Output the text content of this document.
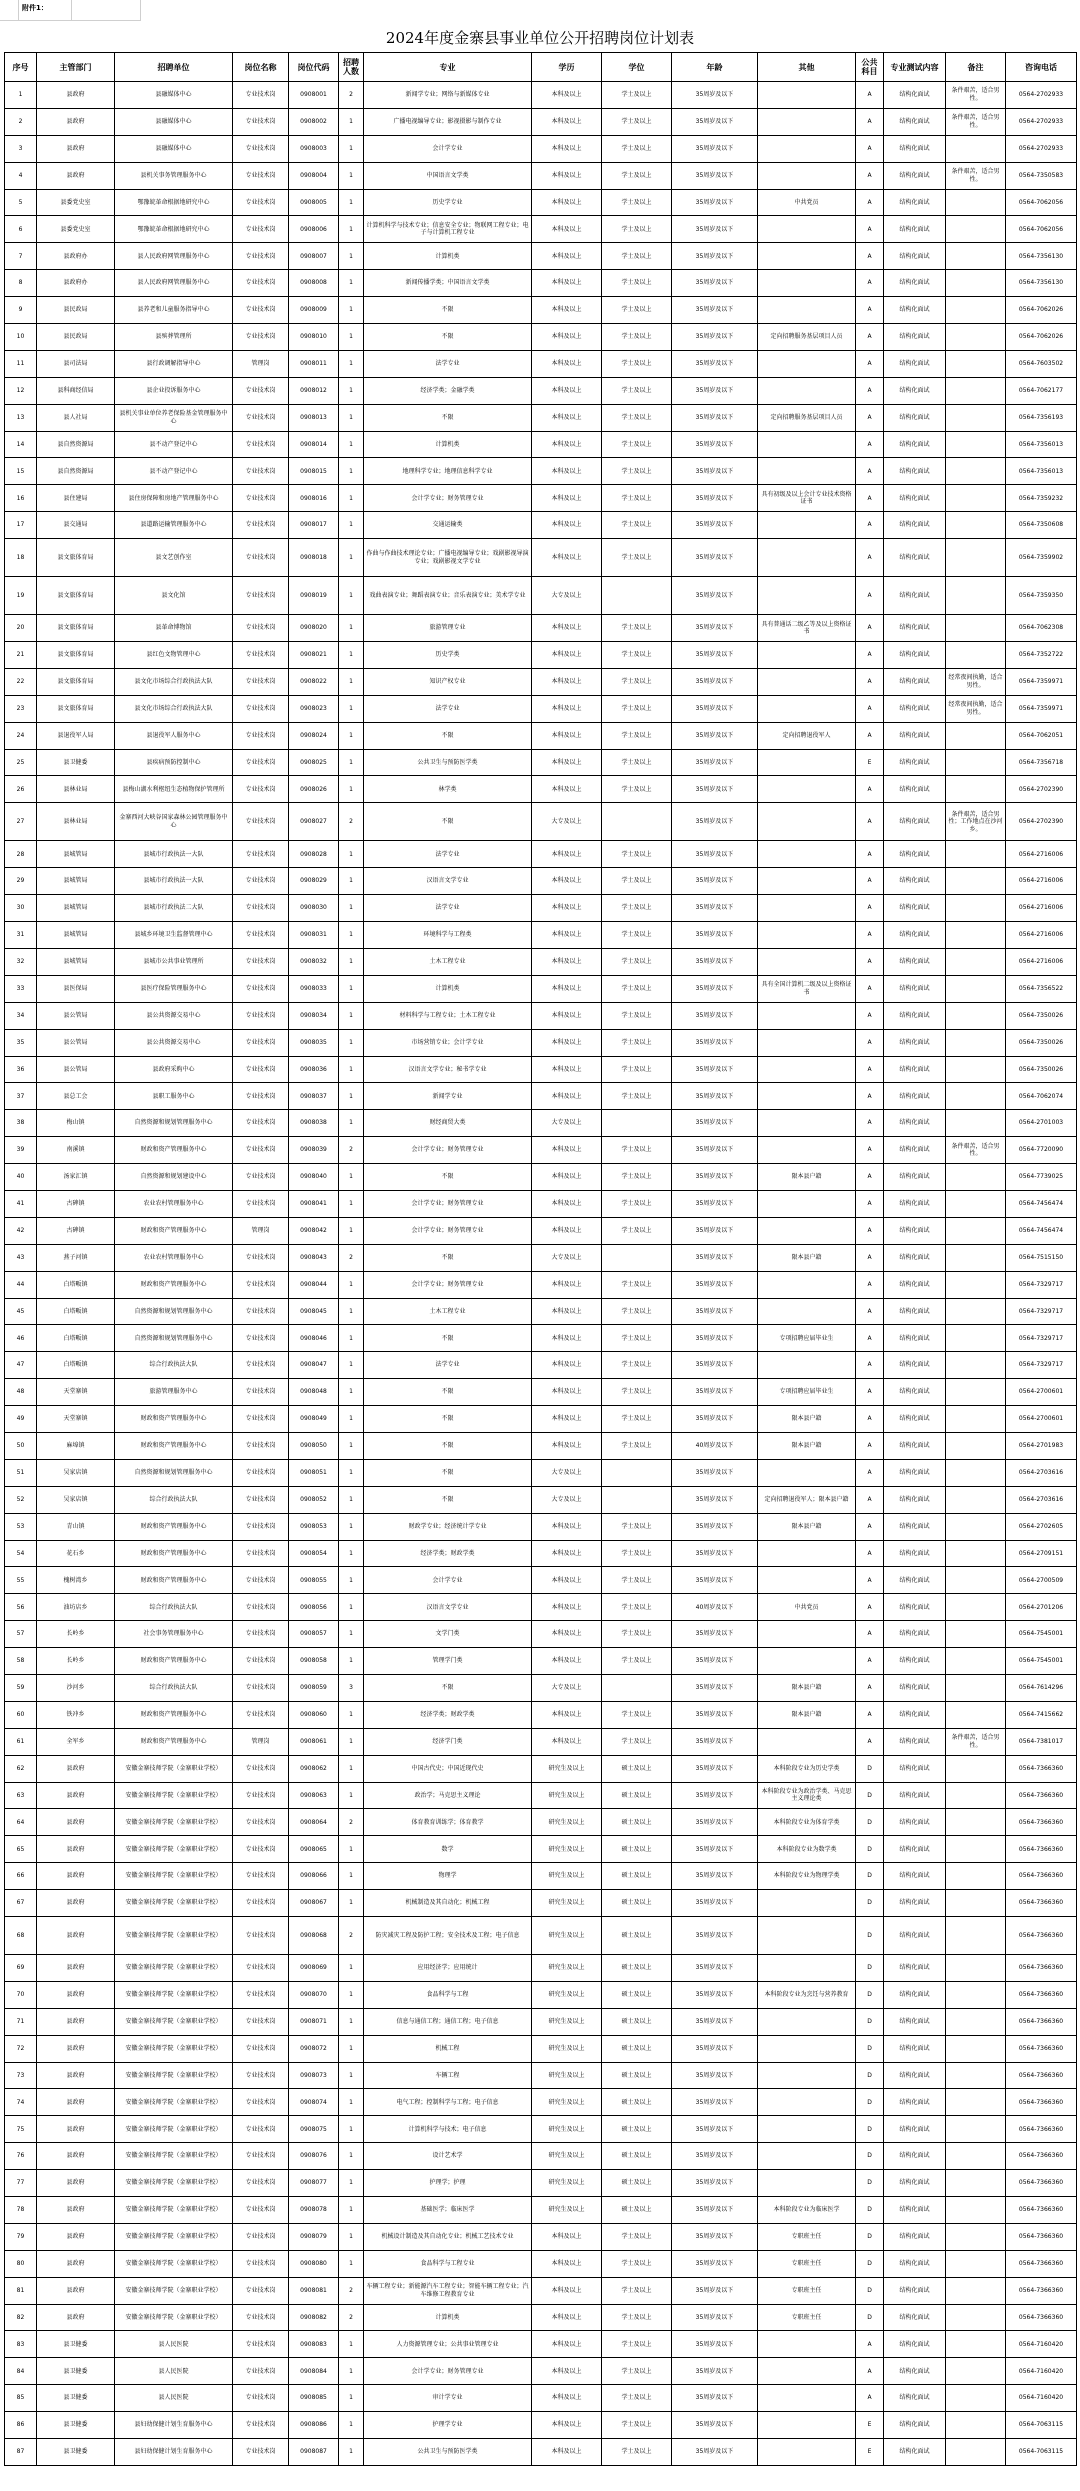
附件1：
2024年度金寨县事业单位公开招聘岗位计划表
序号	主管部门	招聘单位	岗位名称	岗位代码	招聘人数	专业	学历	学位	年龄	其他	公共科目	专业测试内容	备注	咨询电话
1	县政府	县融媒体中心	专业技术岗	0908001	2	新闻学专业；网络与新媒体专业	本科及以上	学士及以上	35周岁及以下		A	结构化面试	条件艰苦，适合男性。	0564-2702933
2	县政府	县融媒体中心	专业技术岗	0908002	1	广播电视编导专业；影视摄影与制作专业	本科及以上	学士及以上	35周岁及以下		A	结构化面试	条件艰苦，适合男性。	0564-2702933
3	县政府	县融媒体中心	专业技术岗	0908003	1	会计学专业	本科及以上	学士及以上	35周岁及以下		A	结构化面试		0564-2702933
4	县政府	县机关事务管理服务中心	专业技术岗	0908004	1	中国语言文学类	本科及以上	学士及以上	35周岁及以下		A	结构化面试	条件艰苦，适合男性。	0564-7350583
5	县委党史室	鄂豫皖革命根据地研究中心	专业技术岗	0908005	1	历史学专业	本科及以上	学士及以上	35周岁及以下	中共党员	A	结构化面试		0564-7062056
6	县委党史室	鄂豫皖革命根据地研究中心	专业技术岗	0908006	1	计算机科学与技术专业；信息安全专业；物联网工程专业；电子与计算机工程专业	本科及以上	学士及以上	35周岁及以下		A	结构化面试		0564-7062056
7	县政府办	县人民政府网管理服务中心	专业技术岗	0908007	1	计算机类	本科及以上	学士及以上	35周岁及以下		A	结构化面试		0564-7356130
8	县政府办	县人民政府网管理服务中心	专业技术岗	0908008	1	新闻传播学类；中国语言文学类	本科及以上	学士及以上	35周岁及以下		A	结构化面试		0564-7356130
9	县民政局	县养老和儿童服务指导中心	专业技术岗	0908009	1	不限	本科及以上	学士及以上	35周岁及以下		A	结构化面试		0564-7062026
10	县民政局	县殡葬管理所	专业技术岗	0908010	1	不限	本科及以上	学士及以上	35周岁及以下	定向招聘服务基层项目人员	A	结构化面试		0564-7062026
11	县司法局	县行政调解指导中心	管理岗	0908011	1	法学专业	本科及以上	学士及以上	35周岁及以下		A	结构化面试		0564-7603502
12	县科商经信局	县企业投诉服务中心	专业技术岗	0908012	1	经济学类；金融学类	本科及以上	学士及以上	35周岁及以下		A	结构化面试		0564-7062177
13	县人社局	县机关事业单位养老保险基金管理服务中心	专业技术岗	0908013	1	不限	本科及以上	学士及以上	35周岁及以下	定向招聘服务基层项目人员	A	结构化面试		0564-7356193
14	县自然资源局	县不动产登记中心	专业技术岗	0908014	1	计算机类	本科及以上	学士及以上	35周岁及以下		A	结构化面试		0564-7356013
15	县自然资源局	县不动产登记中心	专业技术岗	0908015	1	地理科学专业；地理信息科学专业	本科及以上	学士及以上	35周岁及以下		A	结构化面试		0564-7356013
16	县住建局	县住房保障和房地产管理服务中心	专业技术岗	0908016	1	会计学专业；财务管理专业	本科及以上	学士及以上	35周岁及以下	具有初级及以上会计专业技术资格证书	A	结构化面试		0564-7359232
17	县交通局	县道路运输管理服务中心	专业技术岗	0908017	1	交通运输类	本科及以上	学士及以上	35周岁及以下		A	结构化面试		0564-7350608
18	县文旅体育局	县文艺创作室	专业技术岗	0908018	1	作曲与作曲技术理论专业；广播电视编导专业；戏剧影视导演专业；戏剧影视文学专业	本科及以上	学士及以上	35周岁及以下		A	结构化面试		0564-7359902
19	县文旅体育局	县文化馆	专业技术岗	0908019	1	戏曲表演专业；舞蹈表演专业；音乐表演专业；美术学专业	大专及以上		35周岁及以下		A	结构化面试		0564-7359350
20	县文旅体育局	县革命博物馆	专业技术岗	0908020	1	旅游管理专业	本科及以上	学士及以上	35周岁及以下	具有普通话二级乙等及以上资格证书	A	结构化面试		0564-7062308
21	县文旅体育局	县红色文物管理中心	专业技术岗	0908021	1	历史学类	本科及以上	学士及以上	35周岁及以下		A	结构化面试		0564-7352722
22	县文旅体育局	县文化市场综合行政执法大队	专业技术岗	0908022	1	知识产权专业	本科及以上	学士及以上	35周岁及以下		A	结构化面试	经常夜间执勤，适合男性。	0564-7359971
23	县文旅体育局	县文化市场综合行政执法大队	专业技术岗	0908023	1	法学专业	本科及以上	学士及以上	35周岁及以下		A	结构化面试	经常夜间执勤，适合男性。	0564-7359971
24	县退役军人局	县退役军人服务中心	专业技术岗	0908024	1	不限	本科及以上	学士及以上	35周岁及以下	定向招聘退役军人	A	结构化面试		0564-7062051
25	县卫健委	县疾病预防控制中心	专业技术岗	0908025	1	公共卫生与预防医学类	本科及以上	学士及以上	35周岁及以下		E	结构化面试		0564-7356718
26	县林业局	县梅山湖水利枢纽生态植物保护管理所	专业技术岗	0908026	1	林学类	本科及以上	学士及以上	35周岁及以下		A	结构化面试		0564-2702390
27	县林业局	金寨西河大峡谷国家森林公园管理服务中心	专业技术岗	0908027	2	不限	大专及以上		35周岁及以下		A	结构化面试	条件艰苦，适合男性；工作地点在沙河乡。	0564-2702390
28	县城管局	县城市行政执法一大队	专业技术岗	0908028	1	法学专业	本科及以上	学士及以上	35周岁及以下		A	结构化面试		0564-2716006
29	县城管局	县城市行政执法一大队	专业技术岗	0908029	1	汉语言文学专业	本科及以上	学士及以上	35周岁及以下		A	结构化面试		0564-2716006
30	县城管局	县城市行政执法二大队	专业技术岗	0908030	1	法学专业	本科及以上	学士及以上	35周岁及以下		A	结构化面试		0564-2716006
31	县城管局	县城乡环境卫生监督管理中心	专业技术岗	0908031	1	环境科学与工程类	本科及以上	学士及以上	35周岁及以下		A	结构化面试		0564-2716006
32	县城管局	县城市公共事业管理所	专业技术岗	0908032	1	土木工程专业	本科及以上	学士及以上	35周岁及以下		A	结构化面试		0564-2716006
33	县医保局	县医疗保险管理服务中心	专业技术岗	0908033	1	计算机类	本科及以上	学士及以上	35周岁及以下	具有全国计算机二级及以上资格证书	A	结构化面试		0564-7356522
34	县公管局	县公共资源交易中心	专业技术岗	0908034	1	材料科学与工程专业；土木工程专业	本科及以上	学士及以上	35周岁及以下		A	结构化面试		0564-7350026
35	县公管局	县公共资源交易中心	专业技术岗	0908035	1	市场营销专业；会计学专业	本科及以上	学士及以上	35周岁及以下		A	结构化面试		0564-7350026
36	县公管局	县政府采购中心	专业技术岗	0908036	1	汉语言文学专业；秘书学专业	本科及以上	学士及以上	35周岁及以下		A	结构化面试		0564-7350026
37	县总工会	县职工服务中心	专业技术岗	0908037	1	新闻学专业	本科及以上	学士及以上	35周岁及以下		A	结构化面试		0564-7062074
38	梅山镇	自然资源和规划管理服务中心	专业技术岗	0908038	1	财经商贸大类	大专及以上		35周岁及以下		A	结构化面试		0564-2701003
39	南溪镇	财政和资产管理服务中心	专业技术岗	0908039	2	会计学专业；财务管理专业	本科及以上	学士及以上	35周岁及以下		A	结构化面试	条件艰苦，适合男性。	0564-7720090
40	汤家汇镇	自然资源和规划建设中心	专业技术岗	0908040	1	不限	本科及以上	学士及以上	35周岁及以下	限本县户籍	A	结构化面试		0564-7739025
41	古碑镇	农业农村管理服务中心	专业技术岗	0908041	1	会计学专业；财务管理专业	本科及以上	学士及以上	35周岁及以下		A	结构化面试		0564-7456474
42	古碑镇	财政和资产管理服务中心	管理岗	0908042	1	会计学专业；财务管理专业	本科及以上	学士及以上	35周岁及以下		A	结构化面试		0564-7456474
43	燕子河镇	农业农村管理服务中心	专业技术岗	0908043	2	不限	大专及以上		35周岁及以下	限本县户籍	A	结构化面试		0564-7515150
44	白塔畈镇	财政和资产管理服务中心	专业技术岗	0908044	1	会计学专业；财务管理专业	本科及以上	学士及以上	35周岁及以下		A	结构化面试		0564-7329717
45	白塔畈镇	自然资源和规划管理服务中心	专业技术岗	0908045	1	土木工程专业	本科及以上	学士及以上	35周岁及以下		A	结构化面试		0564-7329717
46	白塔畈镇	自然资源和规划管理服务中心	专业技术岗	0908046	1	不限	本科及以上	学士及以上	35周岁及以下	专项招聘应届毕业生	A	结构化面试		0564-7329717
47	白塔畈镇	综合行政执法大队	专业技术岗	0908047	1	法学专业	本科及以上	学士及以上	35周岁及以下		A	结构化面试		0564-7329717
48	天堂寨镇	旅游管理服务中心	专业技术岗	0908048	1	不限	本科及以上	学士及以上	35周岁及以下	专项招聘应届毕业生	A	结构化面试		0564-2700601
49	天堂寨镇	财政和资产管理服务中心	专业技术岗	0908049	1	不限	本科及以上	学士及以上	35周岁及以下	限本县户籍	A	结构化面试		0564-2700601
50	麻埠镇	财政和资产管理服务中心	专业技术岗	0908050	1	不限	本科及以上	学士及以上	40周岁及以下	限本县户籍	A	结构化面试		0564-2701983
51	吴家店镇	自然资源和规划管理服务中心	专业技术岗	0908051	1	不限	大专及以上		35周岁及以下		A	结构化面试		0564-2703616
52	吴家店镇	综合行政执法大队	专业技术岗	0908052	1	不限	大专及以上		35周岁及以下	定向招聘退役军人；限本县户籍	A	结构化面试		0564-2703616
53	青山镇	财政和资产管理服务中心	专业技术岗	0908053	1	财政学专业；经济统计学专业	本科及以上	学士及以上	35周岁及以下	限本县户籍	A	结构化面试		0564-2702605
54	花石乡	财政和资产管理服务中心	专业技术岗	0908054	1	经济学类；财政学类	本科及以上	学士及以上	35周岁及以下		A	结构化面试		0564-2709151
55	槐树湾乡	财政和资产管理服务中心	专业技术岗	0908055	1	会计学专业	本科及以上	学士及以上	35周岁及以下		A	结构化面试		0564-2700509
56	油坊店乡	综合行政执法大队	专业技术岗	0908056	1	汉语言文学专业	本科及以上	学士及以上	40周岁及以下	中共党员	A	结构化面试		0564-2701206
57	长岭乡	社会事务管理服务中心	专业技术岗	0908057	1	文学门类	本科及以上	学士及以上	35周岁及以下		A	结构化面试		0564-7545001
58	长岭乡	财政和资产管理服务中心	专业技术岗	0908058	1	管理学门类	本科及以上	学士及以上	35周岁及以下		A	结构化面试		0564-7545001
59	沙河乡	综合行政执法大队	专业技术岗	0908059	3	不限	大专及以上		35周岁及以下	限本县户籍	A	结构化面试		0564-7614296
60	铁冲乡	财政和资产管理服务中心	专业技术岗	0908060	1	经济学类；财政学类	本科及以上	学士及以上	35周岁及以下	限本县户籍	A	结构化面试		0564-7415662
61	全军乡	财政和资产管理服务中心	管理岗	0908061	1	经济学门类	本科及以上	学士及以上	35周岁及以下		A	结构化面试	条件艰苦，适合男性。	0564-7381017
62	县政府	安徽金寨技师学院（金寨职业学校）	专业技术岗	0908062	1	中国古代史；中国近现代史	研究生及以上	硕士及以上	35周岁及以下	本科阶段专业为历史学类	D	结构化面试		0564-7366360
63	县政府	安徽金寨技师学院（金寨职业学校）	专业技术岗	0908063	1	政治学；马克思主义理论	研究生及以上	硕士及以上	35周岁及以下	本科阶段专业为政治学类、马克思主义理论类	D	结构化面试		0564-7366360
64	县政府	安徽金寨技师学院（金寨职业学校）	专业技术岗	0908064	2	体育教育训练学；体育教学	研究生及以上	硕士及以上	35周岁及以下	本科阶段专业为体育学类	D	结构化面试		0564-7366360
65	县政府	安徽金寨技师学院（金寨职业学校）	专业技术岗	0908065	1	数学	研究生及以上	硕士及以上	35周岁及以下	本科阶段专业为数学类	D	结构化面试		0564-7366360
66	县政府	安徽金寨技师学院（金寨职业学校）	专业技术岗	0908066	1	物理学	研究生及以上	硕士及以上	35周岁及以下	本科阶段专业为物理学类	D	结构化面试		0564-7366360
67	县政府	安徽金寨技师学院（金寨职业学校）	专业技术岗	0908067	1	机械制造及其自动化；机械工程	研究生及以上	硕士及以上	35周岁及以下		D	结构化面试		0564-7366360
68	县政府	安徽金寨技师学院（金寨职业学校）	专业技术岗	0908068	2	防灾减灾工程及防护工程；安全技术及工程；电子信息	研究生及以上	硕士及以上	35周岁及以下		D	结构化面试		0564-7366360
69	县政府	安徽金寨技师学院（金寨职业学校）	专业技术岗	0908069	1	应用经济学；应用统计	研究生及以上	硕士及以上	35周岁及以下		D	结构化面试		0564-7366360
70	县政府	安徽金寨技师学院（金寨职业学校）	专业技术岗	0908070	1	食品科学与工程	研究生及以上	硕士及以上	35周岁及以下	本科阶段专业为烹饪与营养教育	D	结构化面试		0564-7366360
71	县政府	安徽金寨技师学院（金寨职业学校）	专业技术岗	0908071	1	信息与通信工程；通信工程；电子信息	研究生及以上	硕士及以上	35周岁及以下		D	结构化面试		0564-7366360
72	县政府	安徽金寨技师学院（金寨职业学校）	专业技术岗	0908072	1	机械工程	研究生及以上	硕士及以上	35周岁及以下		D	结构化面试		0564-7366360
73	县政府	安徽金寨技师学院（金寨职业学校）	专业技术岗	0908073	1	车辆工程	研究生及以上	硕士及以上	35周岁及以下		D	结构化面试		0564-7366360
74	县政府	安徽金寨技师学院（金寨职业学校）	专业技术岗	0908074	1	电气工程；控制科学与工程；电子信息	研究生及以上	硕士及以上	35周岁及以下		D	结构化面试		0564-7366360
75	县政府	安徽金寨技师学院（金寨职业学校）	专业技术岗	0908075	1	计算机科学与技术；电子信息	研究生及以上	硕士及以上	35周岁及以下		D	结构化面试		0564-7366360
76	县政府	安徽金寨技师学院（金寨职业学校）	专业技术岗	0908076	1	设计艺术学	研究生及以上	硕士及以上	35周岁及以下		D	结构化面试		0564-7366360
77	县政府	安徽金寨技师学院（金寨职业学校）	专业技术岗	0908077	1	护理学；护理	研究生及以上	硕士及以上	35周岁及以下		D	结构化面试		0564-7366360
78	县政府	安徽金寨技师学院（金寨职业学校）	专业技术岗	0908078	1	基础医学；临床医学	研究生及以上	硕士及以上	35周岁及以下	本科阶段专业为临床医学	D	结构化面试		0564-7366360
79	县政府	安徽金寨技师学院（金寨职业学校）	专业技术岗	0908079	1	机械设计制造及其自动化专业；机械工艺技术专业	本科及以上	学士及以上	35周岁及以下	专职班主任	D	结构化面试		0564-7366360
80	县政府	安徽金寨技师学院（金寨职业学校）	专业技术岗	0908080	1	食品科学与工程专业	本科及以上	学士及以上	35周岁及以下	专职班主任	D	结构化面试		0564-7366360
81	县政府	安徽金寨技师学院（金寨职业学校）	专业技术岗	0908081	2	车辆工程专业；新能源汽车工程专业；智能车辆工程专业；汽车维修工程教育专业	本科及以上	学士及以上	35周岁及以下	专职班主任	D	结构化面试		0564-7366360
82	县政府	安徽金寨技师学院（金寨职业学校）	专业技术岗	0908082	2	计算机类	本科及以上	学士及以上	35周岁及以下	专职班主任	D	结构化面试		0564-7366360
83	县卫健委	县人民医院	专业技术岗	0908083	1	人力资源管理专业；公共事业管理专业	本科及以上	学士及以上	35周岁及以下		A	结构化面试		0564-7160420
84	县卫健委	县人民医院	专业技术岗	0908084	1	会计学专业；财务管理专业	本科及以上	学士及以上	35周岁及以下		A	结构化面试		0564-7160420
85	县卫健委	县人民医院	专业技术岗	0908085	1	审计学专业	本科及以上	学士及以上	35周岁及以下		A	结构化面试		0564-7160420
86	县卫健委	县妇幼保健计划生育服务中心	专业技术岗	0908086	1	护理学专业	本科及以上	学士及以上	35周岁及以下		E	结构化面试		0564-7063115
87	县卫健委	县妇幼保健计划生育服务中心	专业技术岗	0908087	1	公共卫生与预防医学类	本科及以上	学士及以上	35周岁及以下		E	结构化面试		0564-7063115
